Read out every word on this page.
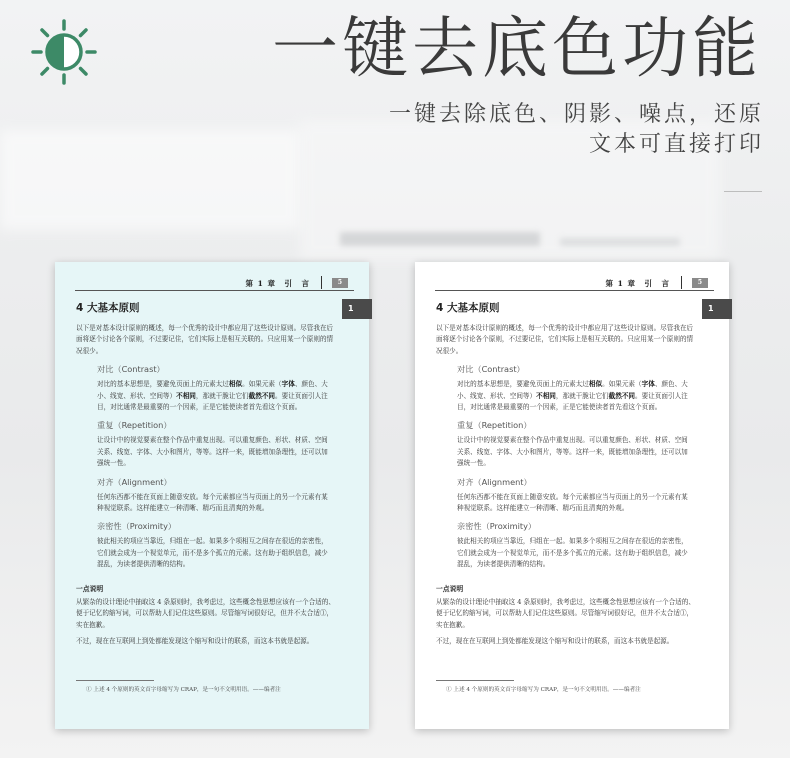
一键去底色功能
一键去除底色、阴影、噪点，还原
文本可直接打印
第 1 章　引　言	5
1
4 大基本原则
以下是对基本设计原则的概述，每一个优秀的设计中都应用了这些设计原则。尽管我在后面将逐个讨论各个原则，不过要记住，它们实际上是相互关联的。只应用某一个原则的情况很少。
对比（Contrast）
对比的基本思想是，要避免页面上的元素太过相似。如果元素（字体、颜色、大小、线宽、形状、空间等）不相同，那就干脆让它们截然不同。要让页面引人注目，对比通常是最重要的一个因素，正是它能使读者首先看这个页面。
重复（Repetition）
让设计中的视觉要素在整个作品中重复出现。可以重复颜色、形状、材质、空间关系、线宽、字体、大小和图片，等等。这样一来，既能增加条理性，还可以加强统一性。
对齐（Alignment）
任何东西都不能在页面上随意安放。每个元素都应当与页面上的另一个元素有某种视觉联系。这样能建立一种清晰、精巧而且清爽的外观。
亲密性（Proximity）
彼此相关的项应当靠近，归组在一起。如果多个项相互之间存在很近的亲密性，它们就会成为一个视觉单元，而不是多个孤立的元素。这有助于组织信息，减少混乱，为读者提供清晰的结构。
一点说明
从繁杂的设计理论中抽取这 4 条原则时，我考虑过，这些概念性思想应该有一个合适的、便于记忆的缩写词，可以帮助人们记住这些原则。尽管缩写词很好记，但并不太合适①，实在抱歉。
不过，现在在互联网上到处都能发现这个缩写和设计的联系，而这本书就是起源。
① 上述 4 个原则的英文首字母缩写为 CRAP，是一句不文明用语。——编者注
第 1 章　引　言	5
1
4 大基本原则
以下是对基本设计原则的概述，每一个优秀的设计中都应用了这些设计原则。尽管我在后面将逐个讨论各个原则，不过要记住，它们实际上是相互关联的。只应用某一个原则的情况很少。
对比（Contrast）
对比的基本思想是，要避免页面上的元素太过相似。如果元素（字体、颜色、大小、线宽、形状、空间等）不相同，那就干脆让它们截然不同。要让页面引人注目，对比通常是最重要的一个因素，正是它能使读者首先看这个页面。
重复（Repetition）
让设计中的视觉要素在整个作品中重复出现。可以重复颜色、形状、材质、空间关系、线宽、字体、大小和图片，等等。这样一来，既能增加条理性，还可以加强统一性。
对齐（Alignment）
任何东西都不能在页面上随意安放。每个元素都应当与页面上的另一个元素有某种视觉联系。这样能建立一种清晰、精巧而且清爽的外观。
亲密性（Proximity）
彼此相关的项应当靠近，归组在一起。如果多个项相互之间存在很近的亲密性，它们就会成为一个视觉单元，而不是多个孤立的元素。这有助于组织信息，减少混乱，为读者提供清晰的结构。
一点说明
从繁杂的设计理论中抽取这 4 条原则时，我考虑过，这些概念性思想应该有一个合适的、便于记忆的缩写词，可以帮助人们记住这些原则。尽管缩写词很好记，但并不太合适①，实在抱歉。
不过，现在在互联网上到处都能发现这个缩写和设计的联系，而这本书就是起源。
① 上述 4 个原则的英文首字母缩写为 CRAP，是一句不文明用语。——编者注
